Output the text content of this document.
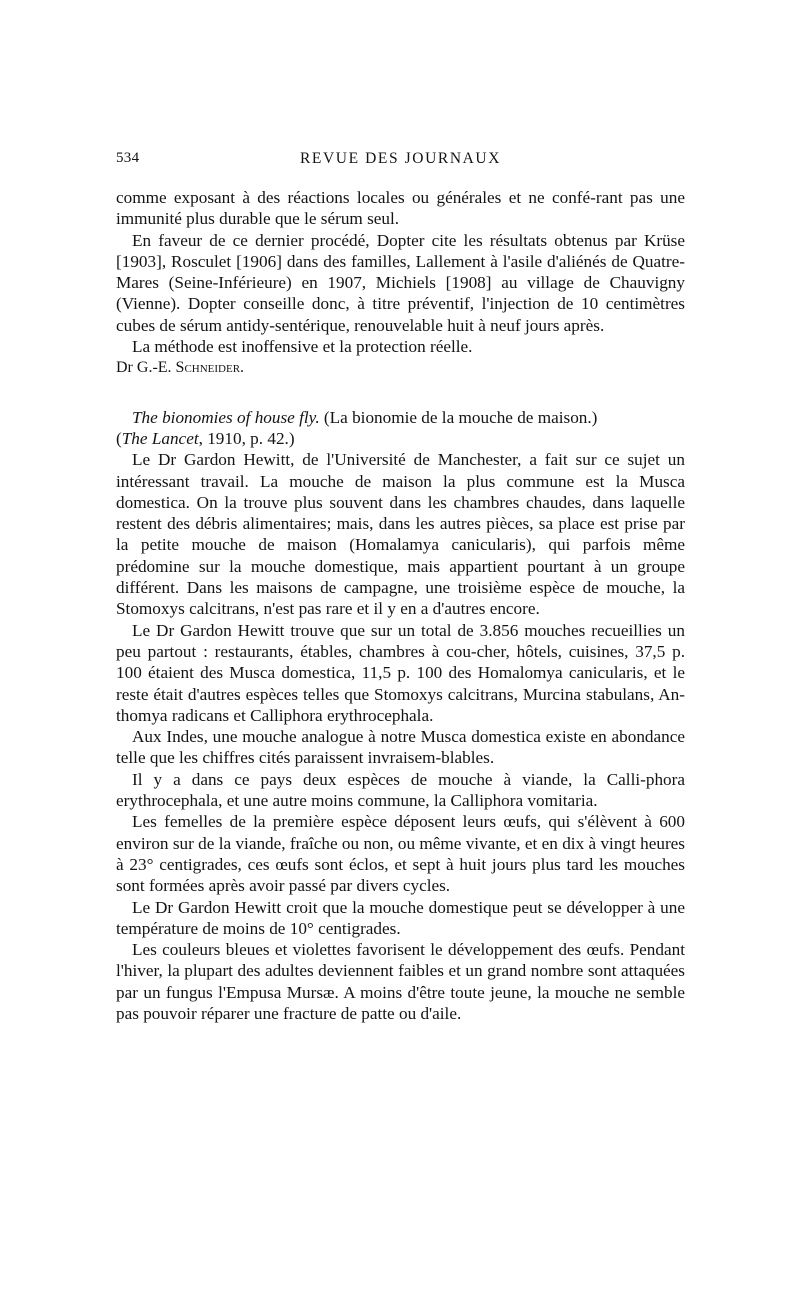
534	REVUE DES JOURNAUX

comme exposant à des réactions locales ou générales et ne confé-rant pas une immunité plus durable que le sérum seul.

En faveur de ce dernier procédé, Dopter cite les résultats obtenus par Krüse [1903], Rosculet [1906] dans des familles, Lallement à l'asile d'aliénés de Quatre-Mares (Seine-Inférieure) en 1907, Michiels [1908] au village de Chauvigny (Vienne). Dopter conseille donc, à titre préventif, l'injection de 10 centimètres cubes de sérum antidy-sentérique, renouvelable huit à neuf jours après.

La méthode est inoffensive et la protection réelle.

Dr G.-E. Schneider.

The bionomies of house fly. (La bionomie de la mouche de maison.)
(The Lancet, 1910, p. 42.)

Le Dr Gardon Hewitt, de l'Université de Manchester, a fait sur ce sujet un intéressant travail. La mouche de maison la plus commune est la Musca domestica. On la trouve plus souvent dans les chambres chaudes, dans laquelle restent des débris alimentaires; mais, dans les autres pièces, sa place est prise par la petite mouche de maison (Homalamya canicularis), qui parfois même prédomine sur la mouche domestique, mais appartient pourtant à un groupe différent. Dans les maisons de campagne, une troisième espèce de mouche, la Stomoxys calcitrans, n'est pas rare et il y en a d'autres encore.

Le Dr Gardon Hewitt trouve que sur un total de 3.856 mouches recueillies un peu partout : restaurants, étables, chambres à cou-cher, hôtels, cuisines, 37,5 p. 100 étaient des Musca domestica, 11,5 p. 100 des Homalomya canicularis, et le reste était d'autres espèces telles que Stomoxys calcitrans, Murcina stabulans, An-thomya radicans et Calliphora erythrocephala.

Aux Indes, une mouche analogue à notre Musca domestica existe en abondance telle que les chiffres cités paraissent invraisem-blables.

Il y a dans ce pays deux espèces de mouche à viande, la Calli-phora erythrocephala, et une autre moins commune, la Calliphora vomitaria.

Les femelles de la première espèce déposent leurs œufs, qui s'élèvent à 600 environ sur de la viande, fraîche ou non, ou même vivante, et en dix à vingt heures à 23° centigrades, ces œufs sont éclos, et sept à huit jours plus tard les mouches sont formées après avoir passé par divers cycles.

Le Dr Gardon Hewitt croit que la mouche domestique peut se développer à une température de moins de 10° centigrades.

Les couleurs bleues et violettes favorisent le développement des œufs. Pendant l'hiver, la plupart des adultes deviennent faibles et un grand nombre sont attaquées par un fungus l'Empusa Mursæ. A moins d'être toute jeune, la mouche ne semble pas pouvoir réparer une fracture de patte ou d'aile.
